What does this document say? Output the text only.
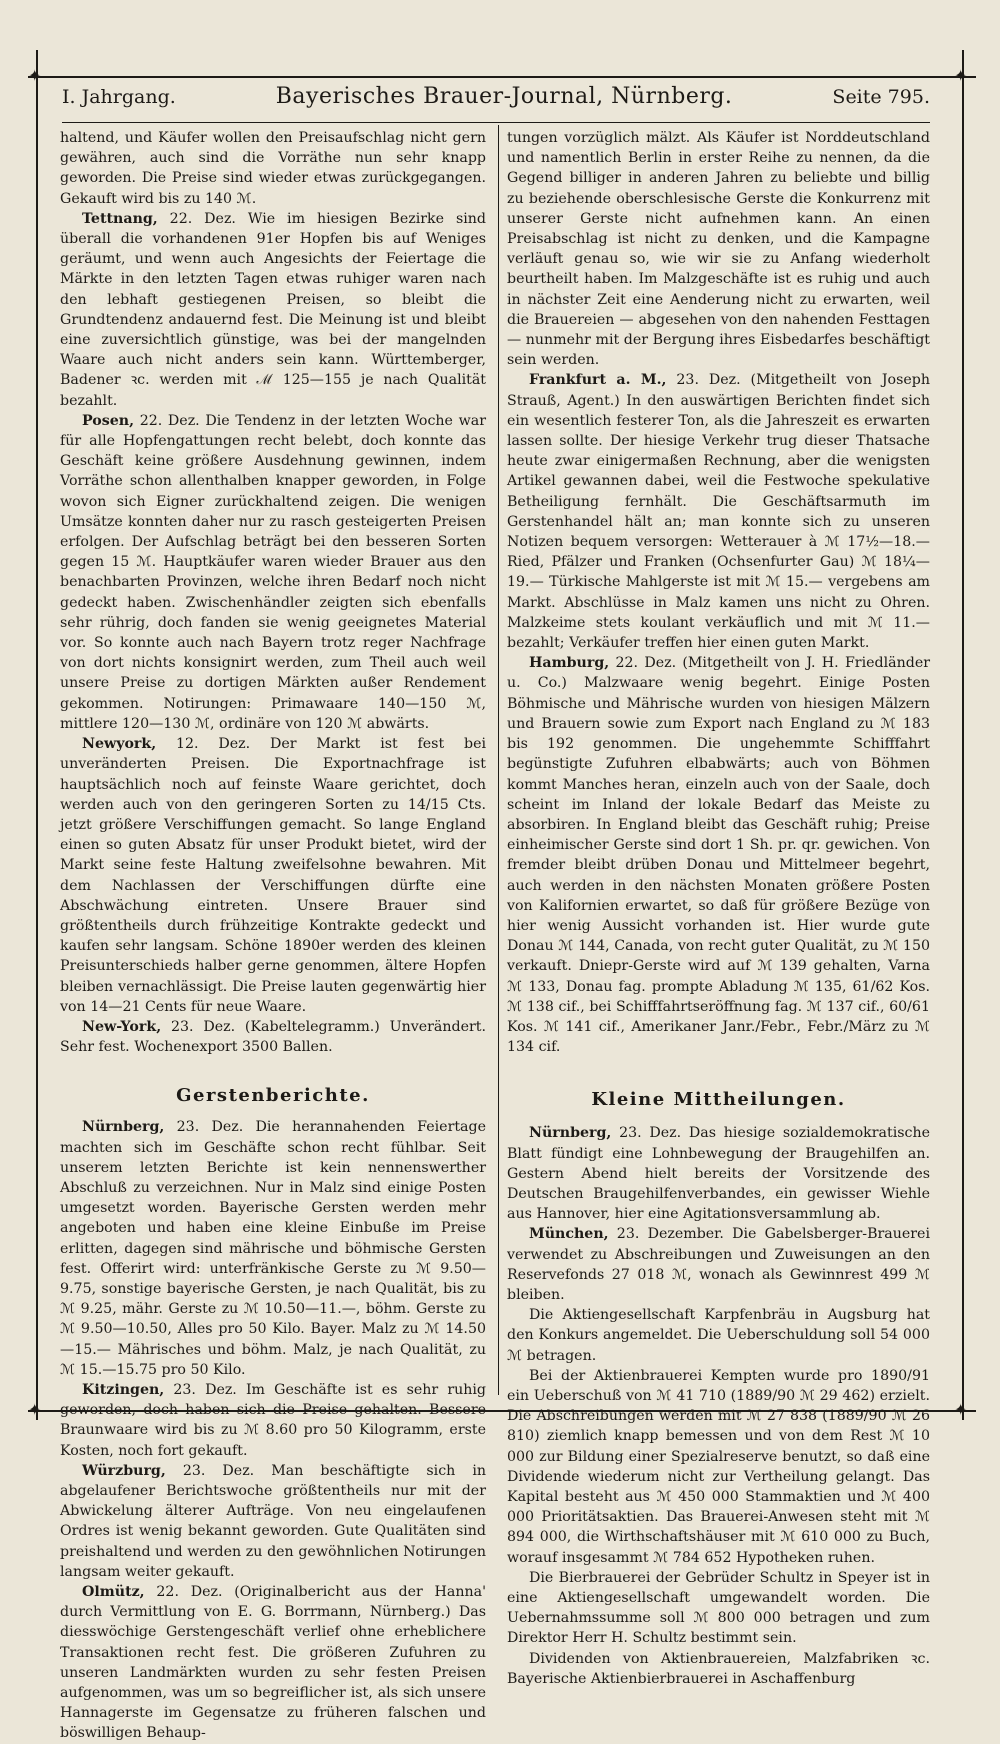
✦	✦
✦	✦
I. Jahrgang.	Bayerisches Brauer-Journal, Nürnberg.	Seite 795.

haltend, und Käufer wollen den Preisaufschlag nicht gern gewähren, auch sind die Vorräthe nun sehr knapp geworden. Die Preise sind wieder etwas zurückgegangen. Gekauft wird bis zu 140 ℳ.

Tettnang, 22. Dez. Wie im hiesigen Bezirke sind überall die vorhandenen 91er Hopfen bis auf Weniges geräumt, und wenn auch Angesichts der Feiertage die Märkte in den letzten Tagen etwas ruhiger waren nach den lebhaft gestiegenen Preisen, so bleibt die Grundtendenz andauernd fest. Die Meinung ist und bleibt eine zuversichtlich günstige, was bei der mangelnden Waare auch nicht anders sein kann. Württemberger, Badener ꝛc. werden mit ℳ 125—155 je nach Qualität bezahlt.

Posen, 22. Dez. Die Tendenz in der letzten Woche war für alle Hopfengattungen recht belebt, doch konnte das Geschäft keine größere Ausdehnung gewinnen, indem Vorräthe schon allenthalben knapper geworden, in Folge wovon sich Eigner zurückhaltend zeigen. Die wenigen Umsätze konnten daher nur zu rasch gesteigerten Preisen erfolgen. Der Aufschlag beträgt bei den besseren Sorten gegen 15 ℳ. Hauptkäufer waren wieder Brauer aus den benachbarten Provinzen, welche ihren Bedarf noch nicht gedeckt haben. Zwischenhändler zeigten sich ebenfalls sehr rührig, doch fanden sie wenig geeignetes Material vor. So konnte auch nach Bayern trotz reger Nachfrage von dort nichts konsignirt werden, zum Theil auch weil unsere Preise zu dortigen Märkten außer Rendement gekommen. Notirungen: Primawaare 140—150 ℳ, mittlere 120—130 ℳ, ordinäre von 120 ℳ abwärts.

Newyork, 12. Dez. Der Markt ist fest bei unveränderten Preisen. Die Exportnachfrage ist hauptsächlich noch auf feinste Waare gerichtet, doch werden auch von den geringeren Sorten zu 14/15 Cts. jetzt größere Verschiffungen gemacht. So lange England einen so guten Absatz für unser Produkt bietet, wird der Markt seine feste Haltung zweifelsohne bewahren. Mit dem Nachlassen der Verschiffungen dürfte eine Abschwächung eintreten. Unsere Brauer sind größtentheils durch frühzeitige Kontrakte gedeckt und kaufen sehr langsam. Schöne 1890er werden des kleinen Preisunterschieds halber gerne genommen, ältere Hopfen bleiben vernachlässigt. Die Preise lauten gegenwärtig hier von 14—21 Cents für neue Waare.

New-York, 23. Dez. (Kabeltelegramm.) Unverändert. Sehr fest. Wochenexport 3500 Ballen.

Gerstenberichte.

Nürnberg, 23. Dez. Die herannahenden Feiertage machten sich im Geschäfte schon recht fühlbar. Seit unserem letzten Berichte ist kein nennenswerther Abschluß zu verzeichnen. Nur in Malz sind einige Posten umgesetzt worden. Bayerische Gersten werden mehr angeboten und haben eine kleine Einbuße im Preise erlitten, dagegen sind mährische und böhmische Gersten fest. Offerirt wird: unterfränkische Gerste zu ℳ 9.50—9.75, sonstige bayerische Gersten, je nach Qualität, bis zu ℳ 9.25, mähr. Gerste zu ℳ 10.50—11.—, böhm. Gerste zu ℳ 9.50—10.50, Alles pro 50 Kilo. Bayer. Malz zu ℳ 14.50—15.— Mährisches und böhm. Malz, je nach Qualität, zu ℳ 15.—15.75 pro 50 Kilo.

Kitzingen, 23. Dez. Im Geschäfte ist es sehr ruhig geworden, doch haben sich die Preise gehalten. Bessere Braunwaare wird bis zu ℳ 8.60 pro 50 Kilogramm, erste Kosten, noch fort gekauft.

Würzburg, 23. Dez. Man beschäftigte sich in abgelaufener Berichtswoche größtentheils nur mit der Abwickelung älterer Aufträge. Von neu eingelaufenen Ordres ist wenig bekannt geworden. Gute Qualitäten sind preishaltend und werden zu den gewöhnlichen Notirungen langsam weiter gekauft.

Olmütz, 22. Dez. (Originalbericht aus der Hanna' durch Vermittlung von E. G. Borrmann, Nürnberg.) Das diesswöchige Gerstengeschäft verlief ohne erheblichere Transaktionen recht fest. Die größeren Zufuhren zu unseren Landmärkten wurden zu sehr festen Preisen aufgenommen, was um so begreiflicher ist, als sich unsere Hannagerste im Gegensatze zu früheren falschen und böswilligen Behaup-

tungen vorzüglich mälzt. Als Käufer ist Norddeutschland und namentlich Berlin in erster Reihe zu nennen, da die Gegend billiger in anderen Jahren zu beliebte und billig zu beziehende oberschlesische Gerste die Konkurrenz mit unserer Gerste nicht aufnehmen kann. An einen Preisabschlag ist nicht zu denken, und die Kampagne verläuft genau so, wie wir sie zu Anfang wiederholt beurtheilt haben. Im Malzgeschäfte ist es ruhig und auch in nächster Zeit eine Aenderung nicht zu erwarten, weil die Brauereien — abgesehen von den nahenden Festtagen — nunmehr mit der Bergung ihres Eisbedarfes beschäftigt sein werden.

Frankfurt a. M., 23. Dez. (Mitgetheilt von Joseph Strauß, Agent.) In den auswärtigen Berichten findet sich ein wesentlich festerer Ton, als die Jahreszeit es erwarten lassen sollte. Der hiesige Verkehr trug dieser Thatsache heute zwar einigermaßen Rechnung, aber die wenigsten Artikel gewannen dabei, weil die Festwoche spekulative Betheiligung fernhält. Die Geschäftsarmuth im Gerstenhandel hält an; man konnte sich zu unseren Notizen bequem versorgen: Wetterauer à ℳ 17½—18.— Ried, Pfälzer und Franken (Ochsenfurter Gau) ℳ 18¼—19.— Türkische Mahlgerste ist mit ℳ 15.— vergebens am Markt. Abschlüsse in Malz kamen uns nicht zu Ohren. Malzkeime stets koulant verkäuflich und mit ℳ 11.— bezahlt; Verkäufer treffen hier einen guten Markt.

Hamburg, 22. Dez. (Mitgetheilt von J. H. Friedländer u. Co.) Malzwaare wenig begehrt. Einige Posten Böhmische und Mährische wurden von hiesigen Mälzern und Brauern sowie zum Export nach England zu ℳ 183 bis 192 genommen. Die ungehemmte Schifffahrt begünstigte Zufuhren elbabwärts; auch von Böhmen kommt Manches heran, einzeln auch von der Saale, doch scheint im Inland der lokale Bedarf das Meiste zu absorbiren. In England bleibt das Geschäft ruhig; Preise einheimischer Gerste sind dort 1 Sh. pr. qr. gewichen. Von fremder bleibt drüben Donau und Mittelmeer begehrt, auch werden in den nächsten Monaten größere Posten von Kalifornien erwartet, so daß für größere Bezüge von hier wenig Aussicht vorhanden ist. Hier wurde gute Donau ℳ 144, Canada, von recht guter Qualität, zu ℳ 150 verkauft. Dniepr-Gerste wird auf ℳ 139 gehalten, Varna ℳ 133, Donau fag. prompte Abladung ℳ 135, 61/62 Kos. ℳ 138 cif., bei Schifffahrtseröffnung fag. ℳ 137 cif., 60/61 Kos. ℳ 141 cif., Amerikaner Janr./Febr., Febr./März zu ℳ 134 cif.

Kleine Mittheilungen.

Nürnberg, 23. Dez. Das hiesige sozialdemokratische Blatt fündigt eine Lohnbewegung der Braugehilfen an. Gestern Abend hielt bereits der Vorsitzende des Deutschen Braugehilfenverbandes, ein gewisser Wiehle aus Hannover, hier eine Agitationsversammlung ab.

München, 23. Dezember. Die Gabelsberger-Brauerei verwendet zu Abschreibungen und Zuweisungen an den Reservefonds 27 018 ℳ, wonach als Gewinnrest 499 ℳ bleiben.

Die Aktiengesellschaft Karpfenbräu in Augsburg hat den Konkurs angemeldet. Die Ueberschuldung soll 54 000 ℳ betragen.

Bei der Aktienbrauerei Kempten wurde pro 1890/91 ein Ueberschuß von ℳ 41 710 (1889/90 ℳ 29 462) erzielt. Die Abschreibungen werden mit ℳ 27 838 (1889/90 ℳ 26 810) ziemlich knapp bemessen und von dem Rest ℳ 10 000 zur Bildung einer Spezialreserve benutzt, so daß eine Dividende wiederum nicht zur Vertheilung gelangt. Das Kapital besteht aus ℳ 450 000 Stammaktien und ℳ 400 000 Prioritätsaktien. Das Brauerei-Anwesen steht mit ℳ 894 000, die Wirthschaftshäuser mit ℳ 610 000 zu Buch, worauf insgesammt ℳ 784 652 Hypotheken ruhen.

Die Bierbrauerei der Gebrüder Schultz in Speyer ist in eine Aktiengesellschaft umgewandelt worden. Die Uebernahmssumme soll ℳ 800 000 betragen und zum Direktor Herr H. Schultz bestimmt sein.

Dividenden von Aktienbrauereien, Malzfabriken ꝛc. Bayerische Aktienbierbrauerei in Aschaffenburg
